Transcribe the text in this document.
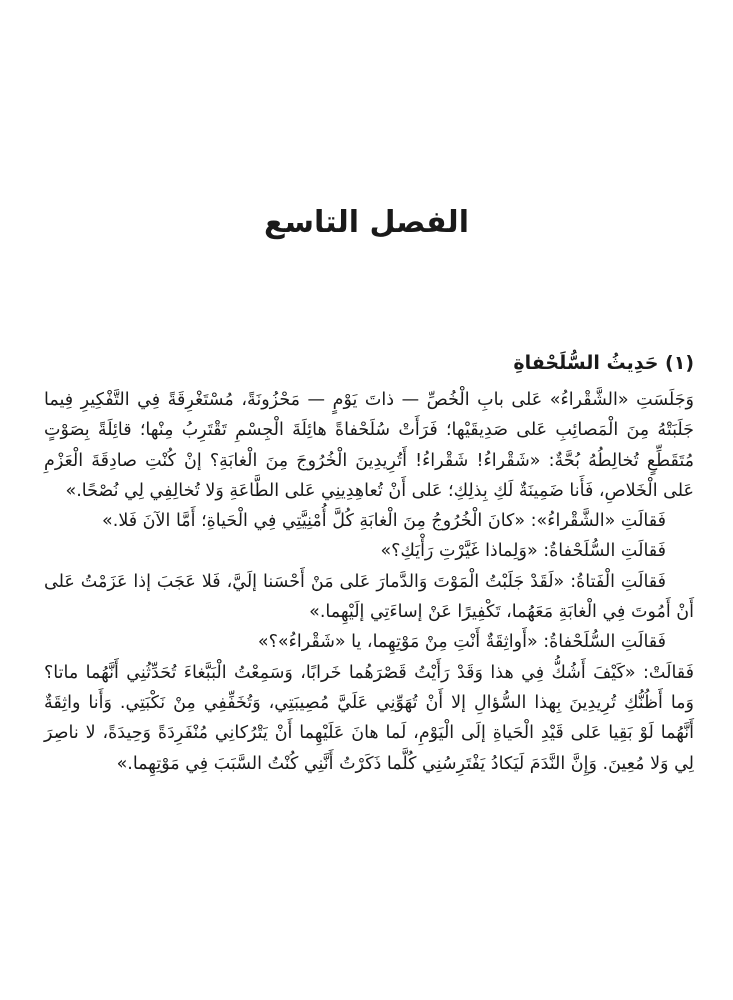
الفصل التاسع
(١) حَدِيثُ السُّلَحْفاةِ

وَجَلَسَتِ «الشَّقْراءُ» عَلى بابِ الْخُصِّ — ذاتَ يَوْمٍ — مَحْزُونَةً، مُسْتَغْرِقَةً فِي التَّفْكِيرِ فِيما جَلَبَتْهُ مِنَ الْمَصائِبِ عَلى صَدِيقَيْها؛ فَرَأَتْ سُلَحْفاةً هائِلَةَ الْجِسْمِ تَقْتَرِبُ مِنْها؛ قائِلَةً بِصَوْتٍ مُتَقَطِّعٍ تُخالِطُهُ بُحَّةٌ: «شَقْراءُ! شَقْراءُ! أَتُرِيدِينَ الْخُرُوجَ مِنَ الْغابَةِ؟ إنْ كُنْتِ صادِقَةَ الْعَزْمِ عَلى الْخَلاصِ، فَأَنا ضَمِينَةٌ لَكِ بِذلِكِ؛ عَلى أَنْ تُعاهِدِينِي عَلى الطَّاعَةِ وَلا تُخالِفِي لِي نُصْحًا.»

فَقالَتِ «الشَّقْراءُ»: «كانَ الْخُرُوجُ مِنَ الْغابَةِ كُلَّ أُمْنِيَّتِي فِي الْحَياةِ؛ أَمَّا الآنَ فَلا.»

فَقالَتِ السُّلَحْفاةُ: «وَلِماذا غَيَّرْتِ رَأْيَكِ؟»

فَقالَتِ الْفَتاةُ: «لَقَدْ جَلَبْتُ الْمَوْتَ وَالدَّمارَ عَلى مَنْ أَحْسَنا إلَيَّ، فَلا عَجَبَ إذا عَزَمْتُ عَلى أَنْ أَمُوتَ فِي الْغابَةِ مَعَهُما، تَكْفِيرًا عَنْ إساءَتِي إلَيْهِما.»

فَقالَتِ السُّلَحْفاةُ: «أَواثِقَةٌ أَنْتِ مِنْ مَوْتِهِما، يا «شَقْراءُ»؟»

فَقالَتْ: «كَيْفَ أَشُكُّ فِي هذا وَقَدْ رَأَيْتُ قَصْرَهُما خَرابًا، وَسَمِعْتُ الْبَبَّغاءَ تُحَدِّثُنِي أَنَّهُما ماتا؟ وَما أَظُنُّكِ تُرِيدِينَ بِهذا السُّؤالِ إلا أَنْ تُهَوِّنِي عَلَيَّ مُصِيبَتِي، وَتُخَفِّفِي مِنْ نَكْبَتِي. وَأَنا واثِقَةٌ أَنَّهُما لَوْ بَقِيا عَلى قَيْدِ الْحَياةِ إلَى الْيَوْمِ، لَما هانَ عَلَيْهِما أَنْ يَتْرُكانِي مُنْفَرِدَةً وَحِيدَةً، لا ناصِرَ لِي وَلا مُعِينَ. وَإِنَّ النَّدَمَ لَيَكادُ يَفْتَرِسُنِي كُلَّما ذَكَرْتُ أَنَّنِي كُنْتُ السَّبَبَ فِي مَوْتِهِما.»
